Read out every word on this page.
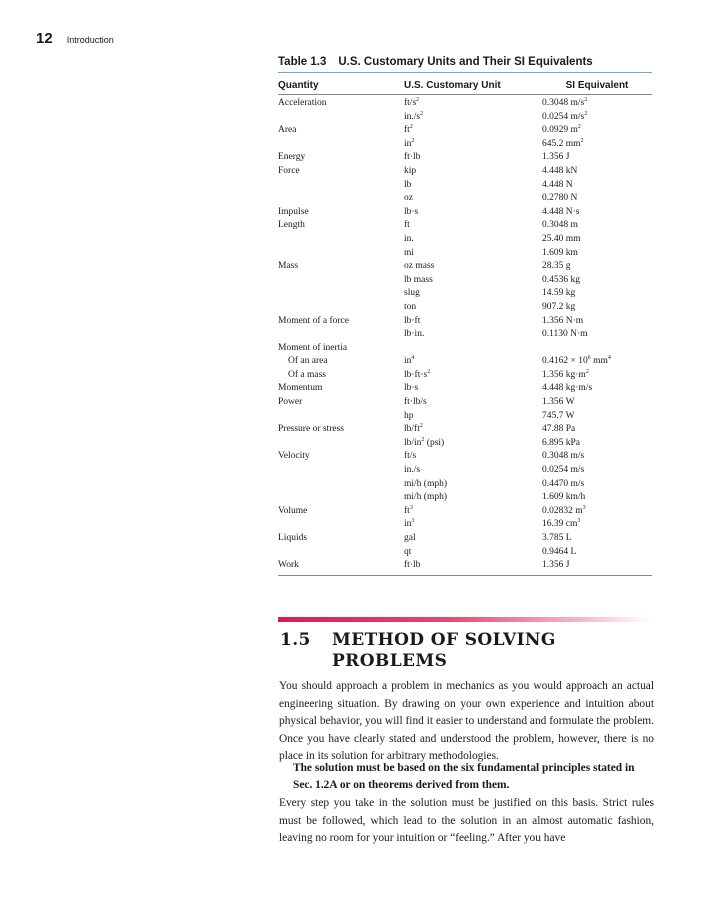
12 Introduction
Table 1.3 U.S. Customary Units and Their SI Equivalents
Quantity	U.S. Customary Unit	SI Equivalent
Acceleration	$ft/s^2$	0.3048 $m/s^2$
	$in./s^2$	0.0254 $m/s^2$
Area	$ft^2$	0.0929 $m^2$
	$in^2$	645.2 $mm^2$
Energy	ft·lb	1.356 J
Force	kip	4.448 kN
	lb	4.448 N
	oz	0.2780 N
Impulse	lb·s	4.448 N·s
Length	ft	0.3048 m
	in.	25.40 mm
	mi	1.609 km
Mass	oz mass	28.35 g
	lb mass	0.4536 kg
	slug	14.59 kg
	ton	907.2 kg
Moment of a force	lb·ft	1.356 N·m
	lb·in.	0.1130 N·m
Moment of inertia		
Of an area	$in^4$	$0.4162 \times 10^6$ $mm^4$
Of a mass	$lb\cdot ft\cdot s^2$	1.356 $kg\cdot m^2$
Momentum	lb·s	4.448 kg·m/s
Power	ft·lb/s	1.356 W
	hp	745.7 W
Pressure or stress	$lb/ft^2$	47.88 Pa
	$lb/in^2$ (psi)	6.895 kPa
Velocity	ft/s	0.3048 m/s
	in./s	0.0254 m/s
	mi/h (mph)	0.4470 m/s
	mi/h (mph)	1.609 km/h
Volume	$ft^3$	0.02832 $m^3$
	$in^3$	16.39 $cm^3$
Liquids	gal	3.785 L
	qt	0.9464 L
Work	ft·lb	1.356 J
1.5	METHOD OF SOLVING PROBLEMS

You should approach a problem in mechanics as you would approach an actual engineering situation. By drawing on your own experience and intuition about physical behavior, you will find it easier to understand and formulate the problem. Once you have clearly stated and understood the problem, however, there is no place in its solution for arbitrary methodologies.

The solution must be based on the six fundamental principles stated in Sec. 1.2A or on theorems derived from them.

Every step you take in the solution must be justified on this basis. Strict rules must be followed, which lead to the solution in an almost automatic fashion, leaving no room for your intuition or “feeling.” After you have
